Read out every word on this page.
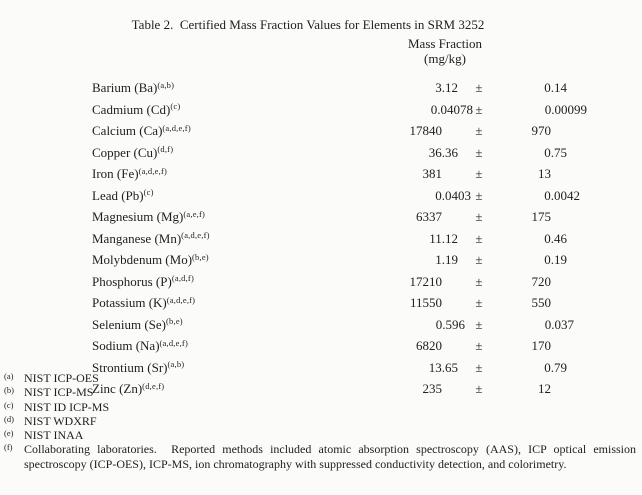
Table 2.  Certified Mass Fraction Values for Elements in SRM 3252
Mass Fraction
(mg/kg)
Barium $(Ba)^{(a,b)}$	3.12	±	0.14
Cadmium $(Cd)^{(c)}$	0.04078	±	0.00099
Calcium $(Ca)^{(a,d,e,f)}$	17840	±	970
Copper $(Cu)^{(d,f)}$	36.36	±	0.75
Iron $(Fe)^{(a,d,e,f)}$	381	±	13
Lead $(Pb)^{(c)}$	0.0403	±	0.0042
Magnesium $(Mg)^{(a,e,f)}$	6337	±	175
Manganese $(Mn)^{(a,d,e,f)}$	11.12	±	0.46
Molybdenum $(Mo)^{(b,e)}$	1.19	±	0.19
Phosphorus $(P)^{(a,d,f)}$	17210	±	720
Potassium $(K)^{(a,d,e,f)}$	11550	±	550
Selenium $(Se)^{(b,e)}$	0.596	±	0.037
Sodium $(Na)^{(a,d,e,f)}$	6820	±	170
Strontium $(Sr)^{(a,b)}$	13.65	±	0.79
Zinc $(Zn)^{(d,e,f)}$	235	±	12
(a) NIST ICP-OES
(b) NIST ICP-MS
(c) NIST ID ICP-MS
(d) NIST WDXRF
(e) NIST INAA
(f) Collaborating laboratories.  Reported methods included atomic absorption spectroscopy (AAS), ICP optical emission spectroscopy (ICP-OES), ICP-MS, ion chromatography with suppressed conductivity detection, and colorimetry.
